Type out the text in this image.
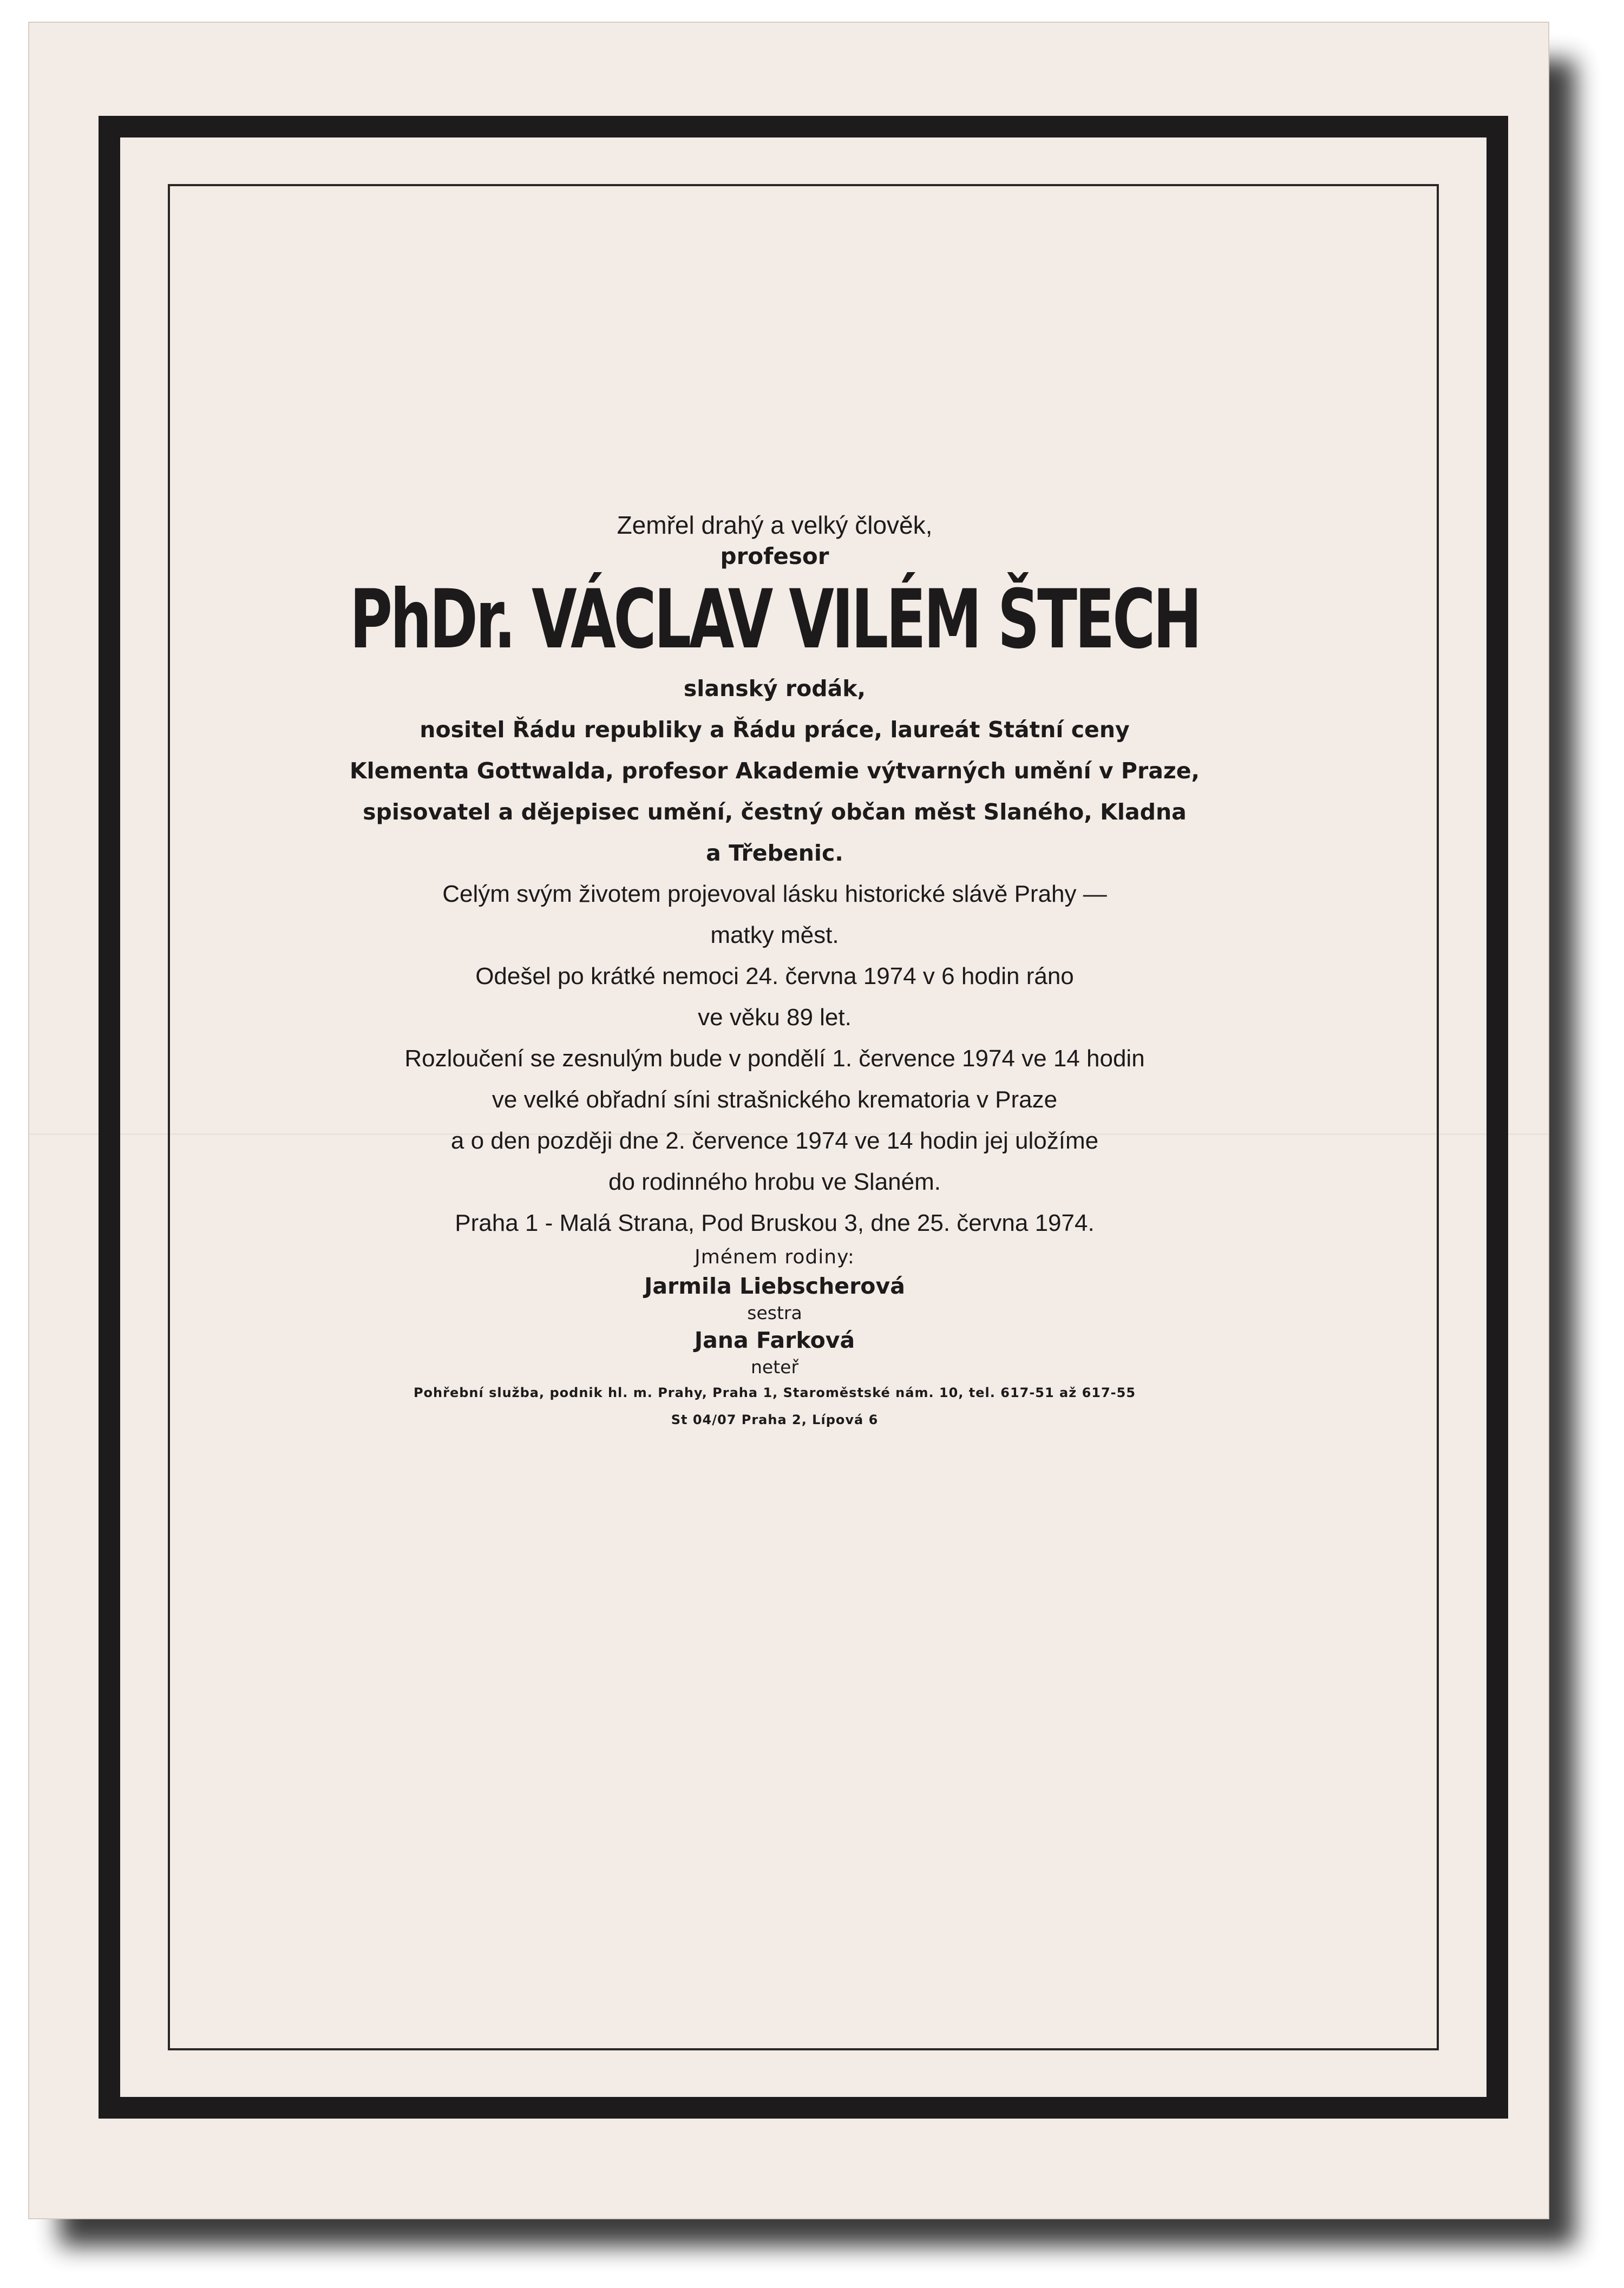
Zemřel drahý a velký člověk,

profesor

PhDr. VÁCLAV VILÉM ŠTECH

slanský rodák,
nositel Řádu republiky a Řádu práce, laureát Státní ceny
Klementa Gottwalda, profesor Akademie výtvarných umění v Praze,
spisovatel a dějepisec umění, čestný občan měst Slaného, Kladna
a Třebenic.
Celým svým životem projevoval lásku historické slávě Prahy —
matky měst.
Odešel po krátké nemoci 24. června 1974 v 6 hodin ráno
ve věku 89 let.
Rozloučení se zesnulým bude v pondělí 1. července 1974 ve 14 hodin
ve velké obřadní síni strašnického krematoria v Praze
a o den později dne 2. července 1974 ve 14 hodin jej uložíme
do rodinného hrobu ve Slaném.

Praha 1 - Malá Strana, Pod Bruskou 3, dne 25. června 1974.

Jménem rodiny:

Jarmila Liebscherová

sestra

Jana Farková

neteř

Pohřební služba, podnik hl. m. Prahy, Praha 1, Staroměstské nám. 10, tel. 617-51 až 617-55
St 04/07 Praha 2, Lípová 6
